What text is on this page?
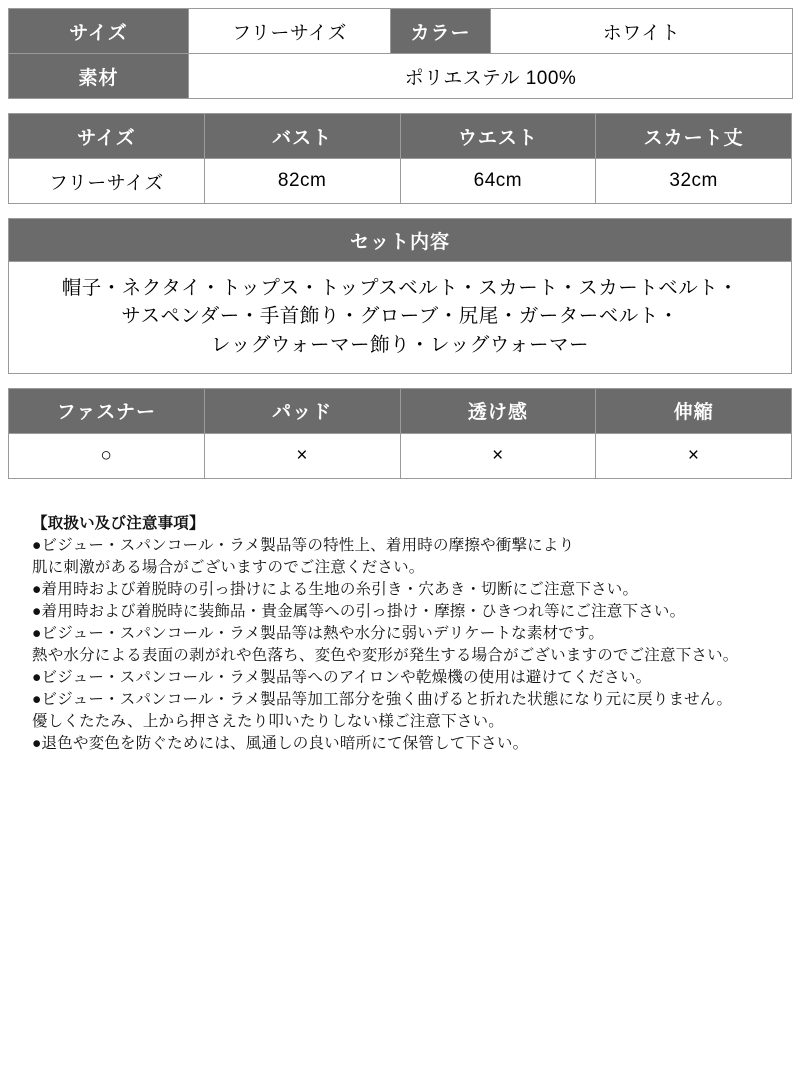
サイズ	フリーサイズ	カラー	ホワイト
素材	ポリエステル 100%		
サイズ	バスト	ウエスト	スカート丈
フリーサイズ	82cm	64cm	32cm
セット内容

帽子・ネクタイ・トップス・トップスベルト・スカート・スカートベルト・
サスペンダー・手首飾り・グローブ・尻尾・ガーターベルト・
レッグウォーマー飾り・レッグウォーマー
ファスナー	パッド	透け感	伸縮
○	×	×	×
【取扱い及び注意事項】
●ビジュー・スパンコール・ラメ製品等の特性上、着用時の摩擦や衝撃により
肌に刺激がある場合がございますのでご注意ください。
●着用時および着脱時の引っ掛けによる生地の糸引き・穴あき・切断にご注意下さい。
●着用時および着脱時に装飾品・貴金属等への引っ掛け・摩擦・ひきつれ等にご注意下さい。
●ビジュー・スパンコール・ラメ製品等は熱や水分に弱いデリケートな素材です。
熱や水分による表面の剥がれや色落ち、変色や変形が発生する場合がございますのでご注意下さい。
●ビジュー・スパンコール・ラメ製品等へのアイロンや乾燥機の使用は避けてください。
●ビジュー・スパンコール・ラメ製品等加工部分を強く曲げると折れた状態になり元に戻りません。
優しくたたみ、上から押さえたり叩いたりしない様ご注意下さい。
●退色や変色を防ぐためには、風通しの良い暗所にて保管して下さい。
